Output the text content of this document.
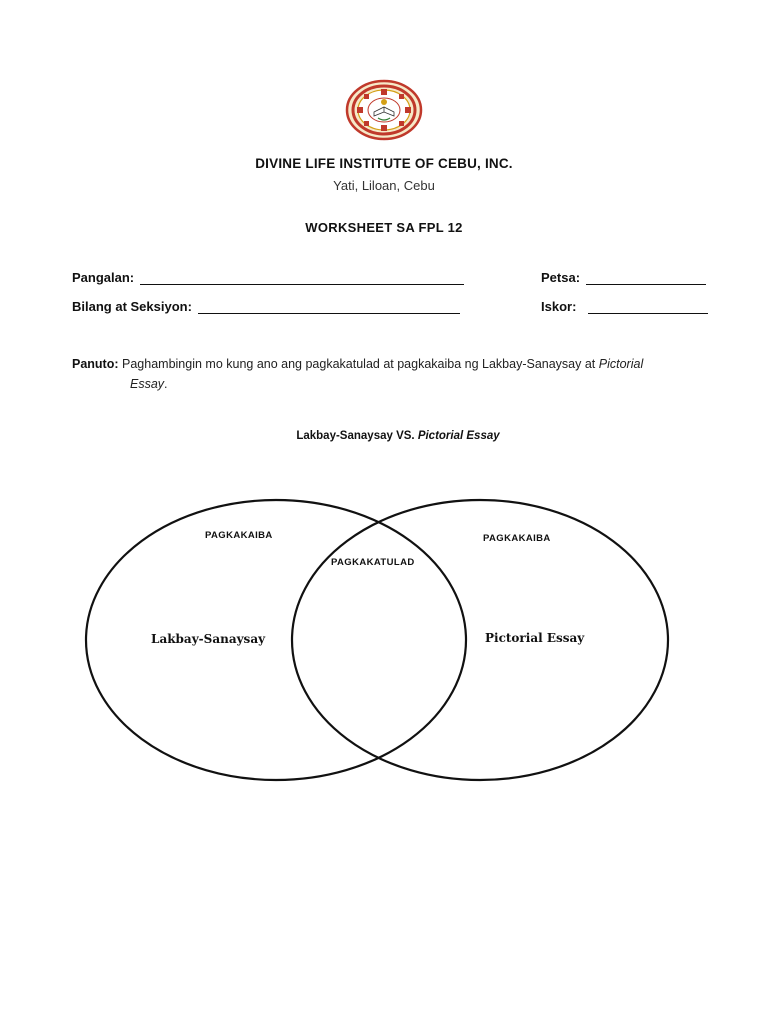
DIVINE LIFE INSTITUTE OF CEBU, INC.
Yati, Liloan, Cebu
WORKSHEET SA FPL 12
Pangalan:	Petsa:
Bilang at Seksiyon:	Iskor:
Panuto: Paghambingin mo kung ano ang pagkakatulad at pagkakaiba ng Lakbay-Sanaysay at Pictorial
Essay.
Lakbay-Sanaysay VS. Pictorial Essay
PAGKAKAIBA	PAGKAKAIBA
PAGKAKATULAD
Lakbay-Sanaysay	Pictorial Essay
